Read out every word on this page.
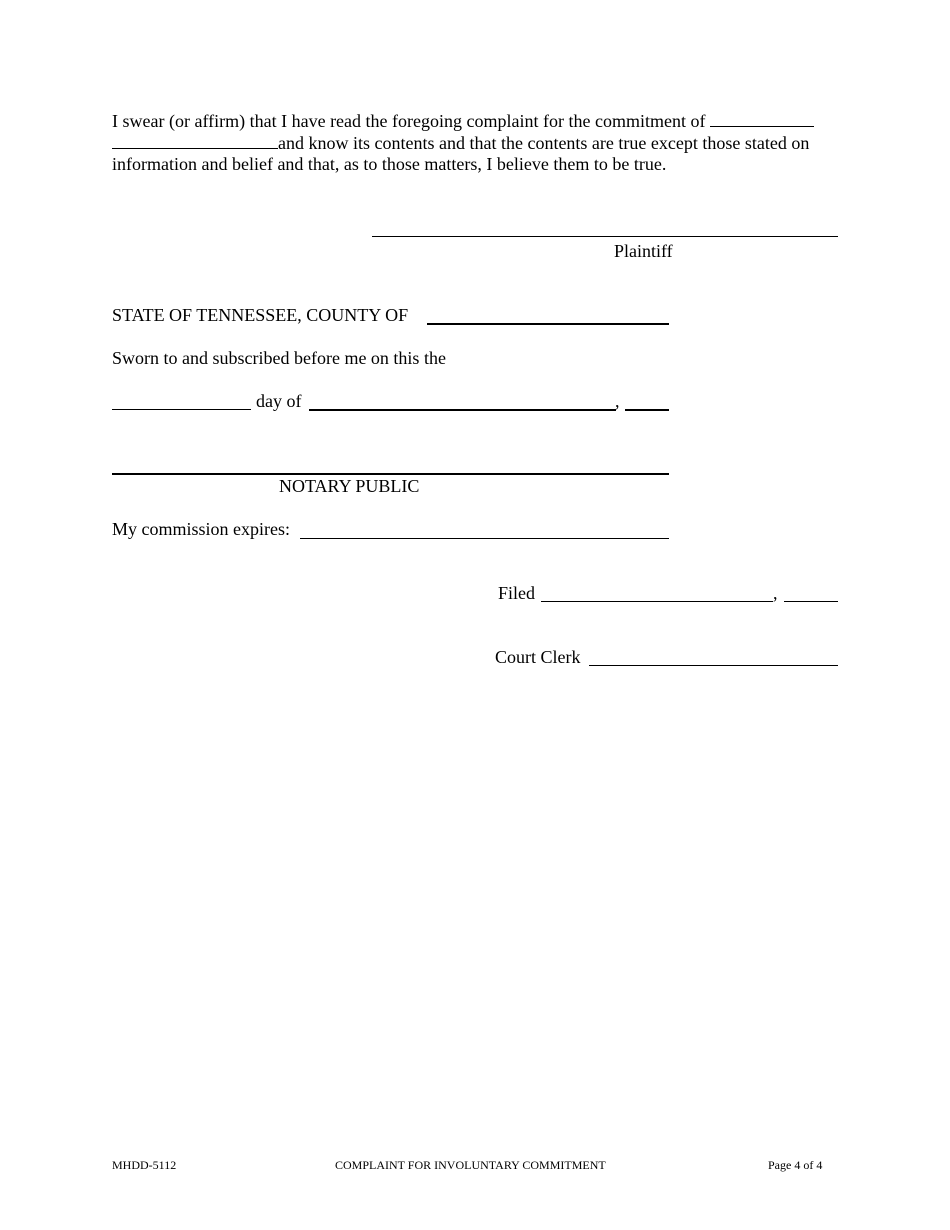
I swear (or affirm) that I have read the foregoing complaint for the commitment of  and know its contents and that the contents are true except those stated on information and belief and that, as to those matters, I believe them to be true.
Plaintiff
STATE OF TENNESSEE, COUNTY OF
Sworn to and subscribed before me on this the
day of	,
NOTARY PUBLIC
My commission expires:
Filed	,
Court Clerk
MHDD-5112	COMPLAINT FOR INVOLUNTARY COMMITMENT	Page 4 of 4
